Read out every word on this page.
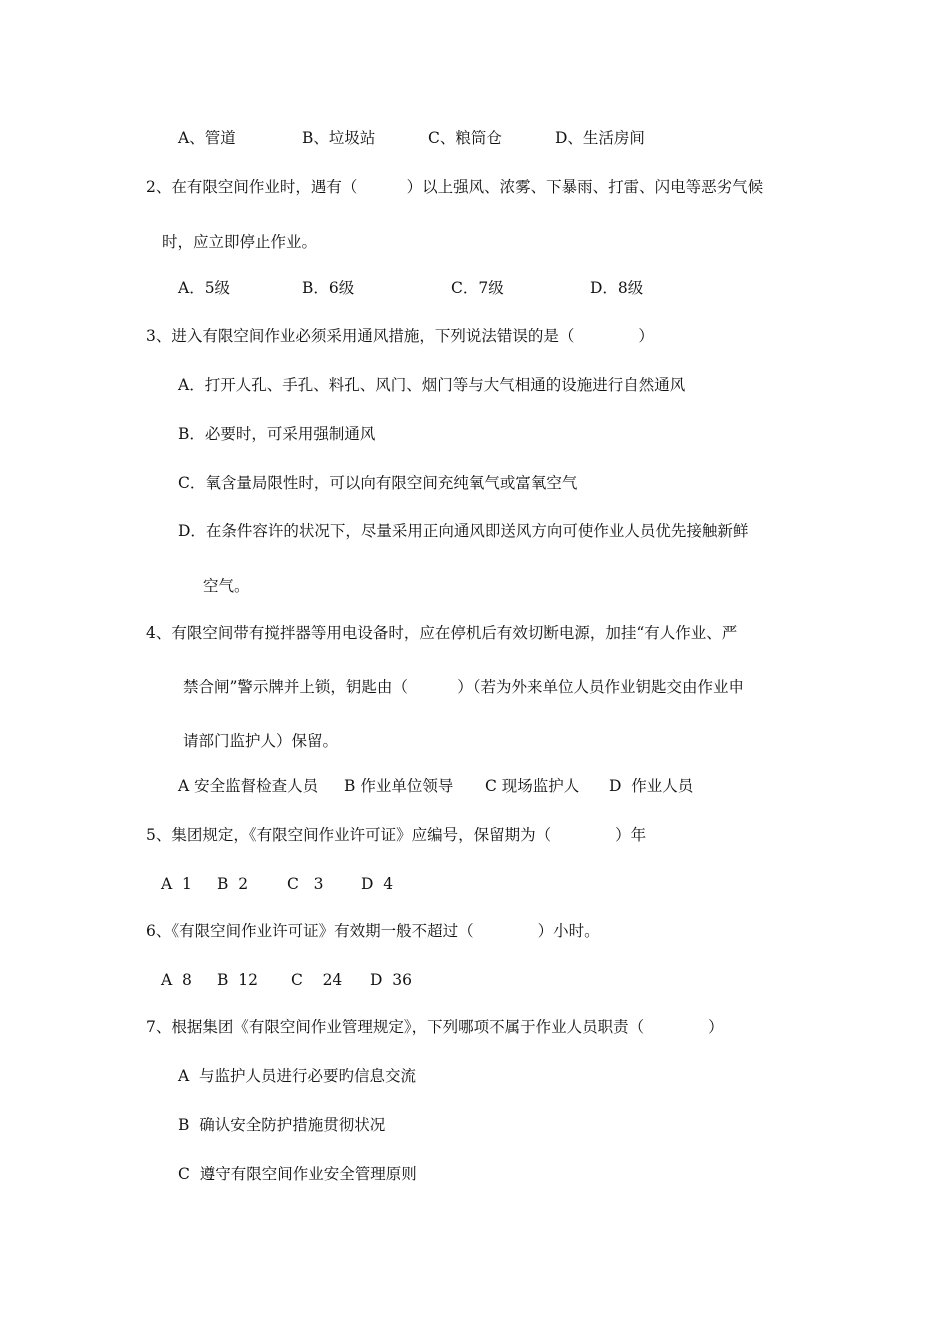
A、管道	B、垃圾站	C、粮筒仓	D、生活房间
2、在有限空间作业时，遇有（          ）以上强风、浓雾、下暴雨、打雷、闪电等恶劣气候
时，应立即停止作业。
A．5级	B．6级	C．7级	D．8级
3、进入有限空间作业必须采用通风措施，下列说法错误的是（             ）
A．打开人孔、手孔、料孔、风门、烟门等与大气相通的设施进行自然通风
B．必要时，可采用强制通风
C．氧含量局限性时，可以向有限空间充纯氧气或富氧空气
D．在条件容许的状况下，尽量采用正向通风即送风方向可使作业人员优先接触新鲜
空气。
4、有限空间带有搅拌器等用电设备时，应在停机后有效切断电源，加挂“有人作业、严
禁合闸”警示牌并上锁，钥匙由（          ）（若为外来单位人员作业钥匙交由作业申
请部门监护人）保留。
A 安全监督检查人员 B 作业单位领导 C 现场监护人 D  作业人员
5、集团规定，《有限空间作业许可证》应编号，保留期为（             ）年
A  1 B  2	C   3 D  4
6、《有限空间作业许可证》有效期一般不超过（             ）小时。
A  8 B  12 C    24 D  36
7、根据集团《有限空间作业管理规定》，下列哪项不属于作业人员职责（             ）
A  与监护人员进行必要旳信息交流
B  确认安全防护措施贯彻状况
C  遵守有限空间作业安全管理原则
